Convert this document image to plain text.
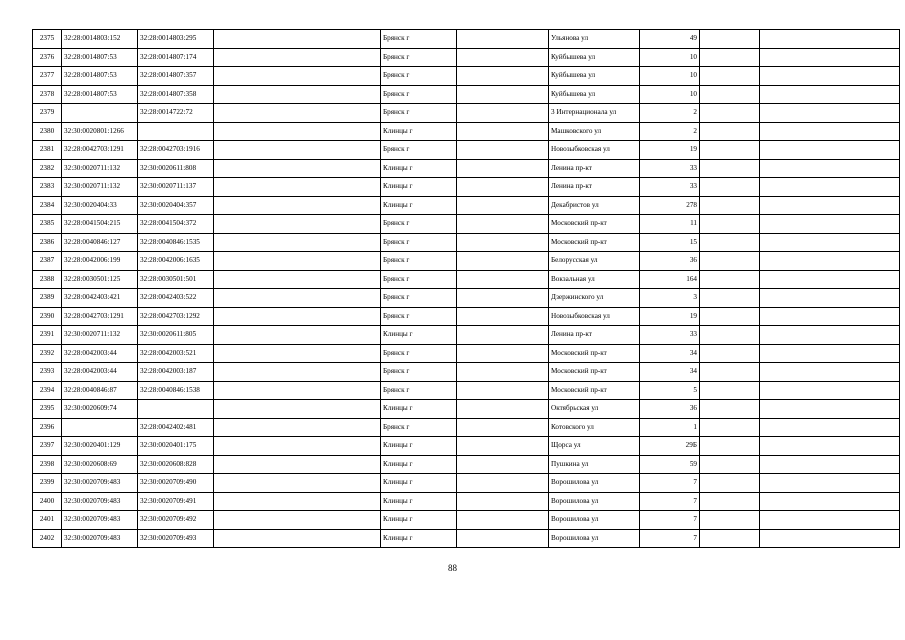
2375	32:28:0014803:152	32:28:0014803:295		Брянск г		Ульянова ул	49		
2376	32:28:0014807:53	32:28:0014807:174		Брянск г		Куйбышева ул	10		
2377	32:28:0014807:53	32:28:0014807:357		Брянск г		Куйбышева ул	10		
2378	32:28:0014807:53	32:28:0014807:358		Брянск г		Куйбышева ул	10		
2379		32:28:0014722:72		Брянск г		3 Интернационала ул	2		
2380	32:30:0020801:1266			Клинцы г		Машковского ул	2		
2381	32:28:0042703:1291	32:28:0042703:1916		Брянск г		Новозыбковская ул	19		
2382	32:30:0020711:132	32:30:0020611:808		Клинцы г		Ленина пр-кт	33		
2383	32:30:0020711:132	32:30:0020711:137		Клинцы г		Ленина пр-кт	33		
2384	32:30:0020404:33	32:30:0020404:357		Клинцы г		Декабристов ул	278		
2385	32:28:0041504:215	32:28:0041504:372		Брянск г		Московский пр-кт	11		
2386	32:28:0040846:127	32:28:0040846:1535		Брянск г		Московский пр-кт	15		
2387	32:28:0042006:199	32:28:0042006:1635		Брянск г		Белорусская ул	36		
2388	32:28:0030501:125	32:28:0030501:501		Брянск г		Вокзальная ул	164		
2389	32:28:0042403:421	32:28:0042403:522		Брянск г		Дзержинского ул	3		
2390	32:28:0042703:1291	32:28:0042703:1292		Брянск г		Новозыбковская ул	19		
2391	32:30:0020711:132	32:30:0020611:805		Клинцы г		Ленина пр-кт	33		
2392	32:28:0042003:44	32:28:0042003:521		Брянск г		Московский пр-кт	34		
2393	32:28:0042003:44	32:28:0042003:187		Брянск г		Московский пр-кт	34		
2394	32:28:0040846:87	32:28:0040846:1538		Брянск г		Московский пр-кт	5		
2395	32:30:0020609:74			Клинцы г		Октябрьская ул	36		
2396		32:28:0042402:481		Брянск г		Котовского ул	1		
2397	32:30:0020401:129	32:30:0020401:175		Клинцы г		Щорса ул	29Б		
2398	32:30:0020608:69	32:30:0020608:828		Клинцы г		Пушкина ул	59		
2399	32:30:0020709:483	32:30:0020709:490		Клинцы г		Ворошилова ул	7		
2400	32:30:0020709:483	32:30:0020709:491		Клинцы г		Ворошилова ул	7		
2401	32:30:0020709:483	32:30:0020709:492		Клинцы г		Ворошилова ул	7		
2402	32:30:0020709:483	32:30:0020709:493		Клинцы г		Ворошилова ул	7		
88
